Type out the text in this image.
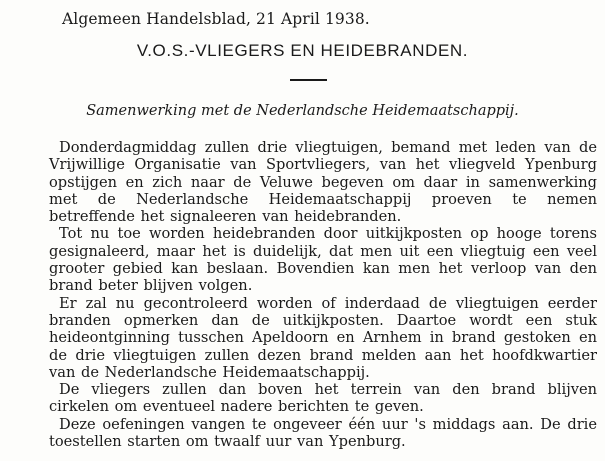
Algemeen Handelsblad, 21 April 1938.
V.O.S.-VLIEGERS EN HEIDEBRANDEN.
Samenwerking met de Nederlandsche Heidemaatschappij.

Donderdagmiddag zullen drie vliegtuigen, bemand met leden van de Vrijwillige Organisatie van Sportvliegers, van het vliegveld Ypenburg opstijgen en zich naar de Veluwe begeven om daar in samenwerking met de Nederlandsche Heidemaatschappij proeven te nemen betreffende het signaleeren van heidebranden.

Tot nu toe worden heidebranden door uitkijkposten op hooge torens gesignaleerd, maar het is duidelijk, dat men uit een vliegtuig een veel grooter gebied kan beslaan. Bovendien kan men het verloop van den brand beter blijven volgen.

Er zal nu gecontroleerd worden of inderdaad de vliegtuigen eerder branden opmerken dan de uitkijkposten. Daartoe wordt een stuk heideontginning tusschen Apeldoorn en Arnhem in brand gestoken en de drie vliegtuigen zullen dezen brand melden aan het hoofdkwartier van de Nederlandsche Heidemaatschappij.

De vliegers zullen dan boven het terrein van den brand blijven cirkelen om eventueel nadere berichten te geven.

Deze oefeningen vangen te ongeveer één uur 's middags aan. De drie toestellen starten om twaalf uur van Ypenburg.
